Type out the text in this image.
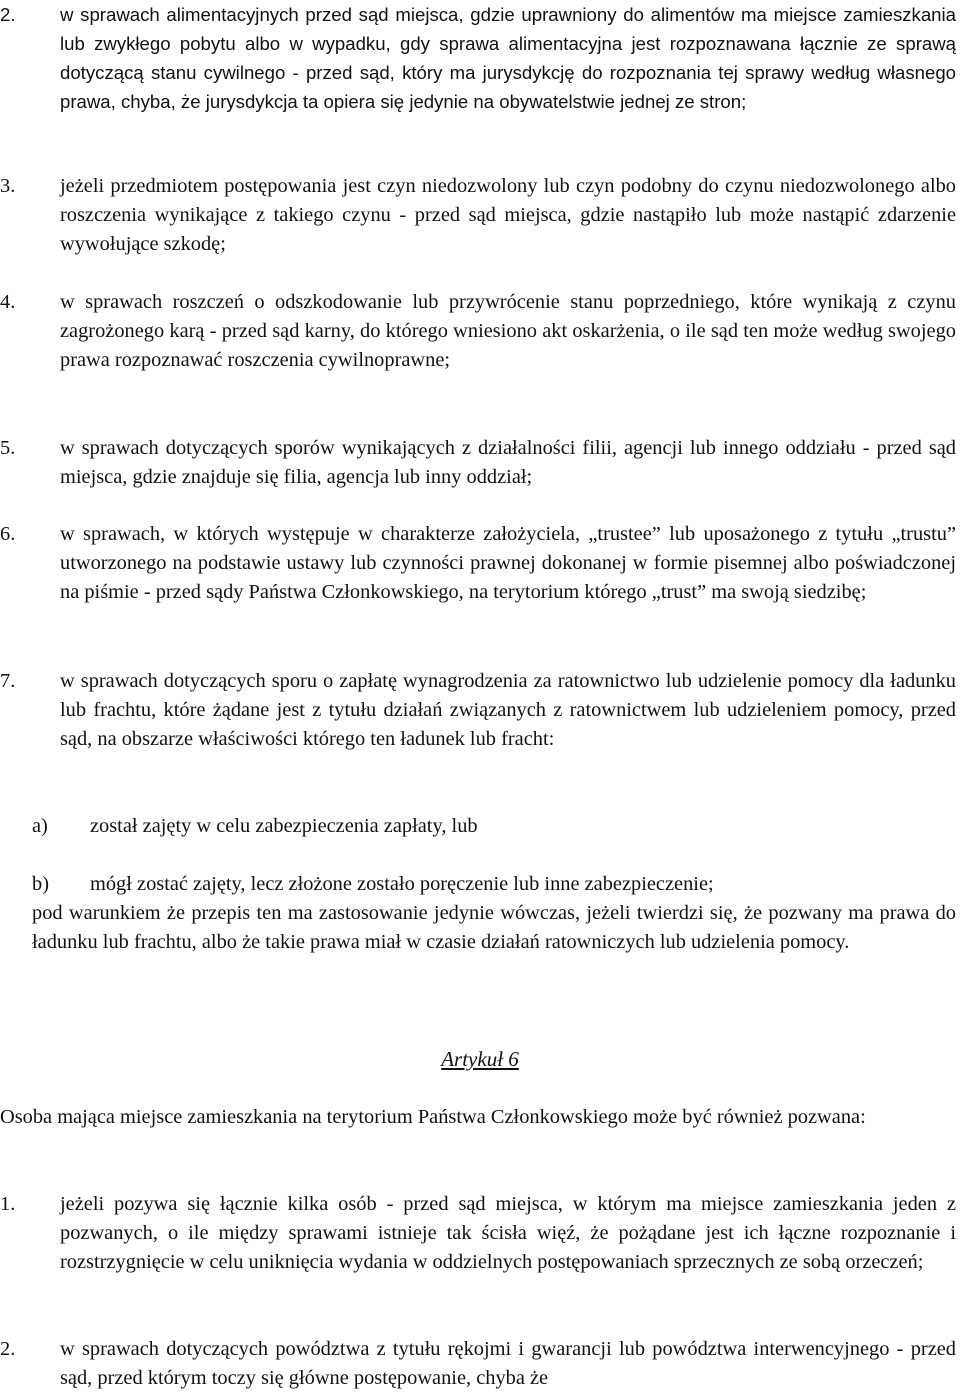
2. w sprawach alimentacyjnych przed sąd miejsca, gdzie uprawniony do alimentów ma miejsce zamieszkania lub zwykłego pobytu albo w wypadku, gdy sprawa alimentacyjna jest rozpoznawana łącznie ze sprawą dotyczącą stanu cywilnego - przed sąd, który ma jurysdykcję do rozpoznania tej sprawy według własnego prawa, chyba, że jurysdykcja ta opiera się jedynie na obywatelstwie jednej ze stron;
3. jeżeli przedmiotem postępowania jest czyn niedozwolony lub czyn podobny do czynu niedozwolonego albo roszczenia wynikające z takiego czynu - przed sąd miejsca, gdzie nastąpiło lub może nastąpić zdarzenie wywołujące szkodę;
4. w sprawach roszczeń o odszkodowanie lub przywrócenie stanu poprzedniego, które wynikają z czynu zagrożonego karą - przed sąd karny, do którego wniesiono akt oskarżenia, o ile sąd ten może według swojego prawa rozpoznawać roszczenia cywilnoprawne;
5. w sprawach dotyczących sporów wynikających z działalności filii, agencji lub innego oddziału - przed sąd miejsca, gdzie znajduje się filia, agencja lub inny oddział;
6. w sprawach, w których występuje w charakterze założyciela, „trustee” lub uposażonego z tytułu „trustu” utworzonego na podstawie ustawy lub czynności prawnej dokonanej w formie pisemnej albo poświadczonej na piśmie - przed sądy Państwa Członkowskiego, na terytorium którego „trust” ma swoją siedzibę;
7. w sprawach dotyczących sporu o zapłatę wynagrodzenia za ratownictwo lub udzielenie pomocy dla ładunku lub frachtu, które żądane jest z tytułu działań związanych z ratownictwem lub udzieleniem pomocy, przed sąd, na obszarze właściwości którego ten ładunek lub fracht:
a) został zajęty w celu zabezpieczenia zapłaty, lub
b) mógł zostać zajęty, lecz złożone zostało poręczenie lub inne zabezpieczenie;
pod warunkiem że przepis ten ma zastosowanie jedynie wówczas, jeżeli twierdzi się, że pozwany ma prawa do ładunku lub frachtu, albo że takie prawa miał w czasie działań ratowniczych lub udzielenia pomocy.
Artykuł 6
Osoba mająca miejsce zamieszkania na terytorium Państwa Członkowskiego może być również pozwana:
1. jeżeli pozywa się łącznie kilka osób - przed sąd miejsca, w którym ma miejsce zamieszkania jeden z pozwanych, o ile między sprawami istnieje tak ścisła więź, że pożądane jest ich łączne rozpoznanie i rozstrzygnięcie w celu uniknięcia wydania w oddzielnych postępowaniach sprzecznych ze sobą orzeczeń;
2. w sprawach dotyczących powództwa z tytułu rękojmi i gwarancji lub powództwa interwencyjnego - przed sąd, przed którym toczy się główne postępowanie, chyba że
